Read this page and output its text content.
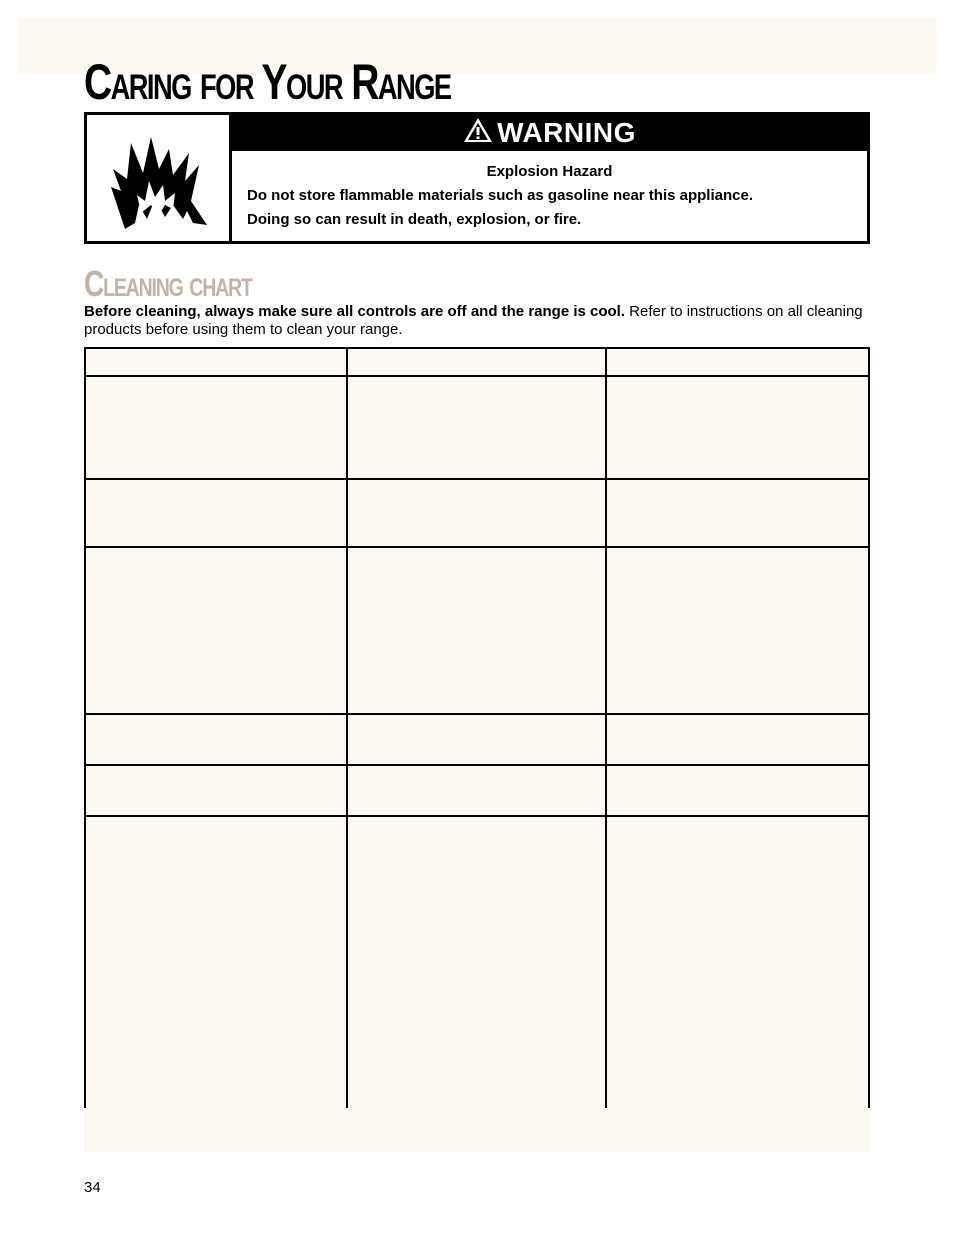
Caring for Your Range
WARNING
Explosion Hazard
Do not store flammable materials such as gasoline near this appliance.
Doing so can result in death, explosion, or fire.
Cleaning chart

Before cleaning, always make sure all controls are off and the range is cool. Refer to instructions on all cleaning products before using them to clean your range.

34
